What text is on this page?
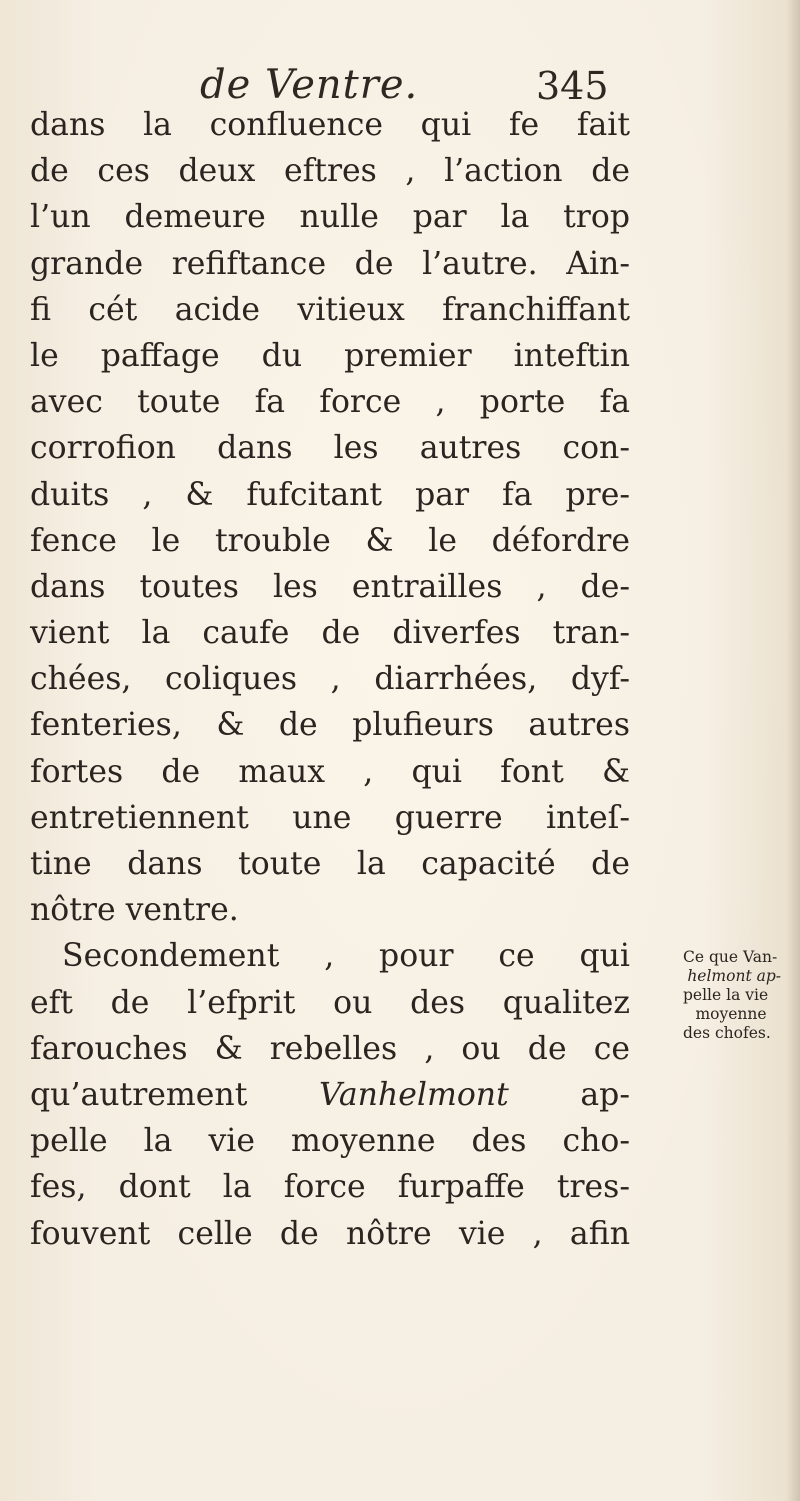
de Ventre.	345
dans la confluence qui fe fait
de ces deux eftres , l’action de
l’un demeure nulle par la trop
grande refiftance de l’autre. Ain-
fi cét acide vitieux franchiffant
le paffage du premier inteftin
avec toute fa force , porte fa
corrofion dans les autres con-
duits , & fufcitant par fa pre-
fence le trouble & le défordre
dans toutes les entrailles , de-
vient la caufe de diverfes tran-
chées, coliques , diarrhées, dyf-
fenteries, & de plufieurs autres
fortes de maux , qui font &
entretiennent une guerre inteſ-
tine dans toute la capacité de
nôtre ventre.
Secondement , pour ce qui
eft de l’efprit ou des qualitez
farouches & rebelles , ou de ce
qu’autrement Vanhelmont ap-
pelle la vie moyenne des cho-
fes, dont la force furpaffe tres-
fouvent celle de nôtre vie , afin
Ce que Van-
helmont ap-
pelle la vie
moyenne
des chofes.
